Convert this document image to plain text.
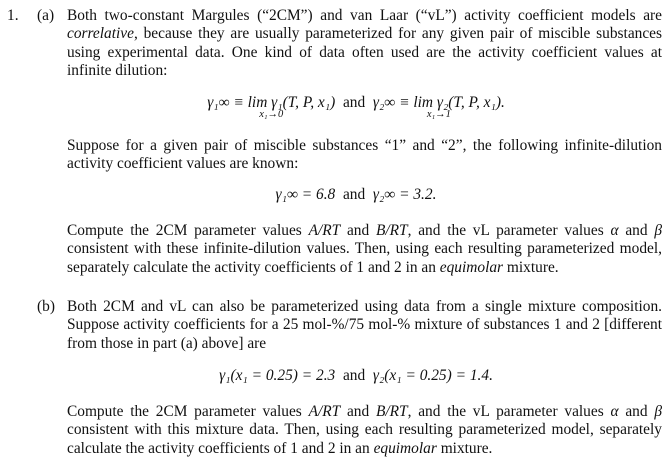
1. (a) Both two-constant Margules (“2CM”) and van Laar (“vL”) activity coefficient models are correlative, because they are usually parameterized for any given pair of miscible substances using experimental data. One kind of data often used are the activity coefficient values at infinite dilution:
γ₁∞ ≡ lim γ₁(T, P, x₁)
x₁→0
and γ₂∞ ≡ lim γ₂(T, P, x₁).
x₁→1
Suppose for a given pair of miscible substances “1” and “2”, the following infinite-dilution activity coefficient values are known:
γ₁∞ = 6.8 and γ₂∞ = 3.2.
Compute the 2CM parameter values A/RT and B/RT, and the vL parameter values α and β consistent with these infinite-dilution values. Then, using each resulting parameterized model, separately calculate the activity coefficients of 1 and 2 in an equimolar mixture.
(b) Both 2CM and vL can also be parameterized using data from a single mixture composition. Suppose activity coefficients for a 25 mol-%/75 mol-% mixture of substances 1 and 2 [different from those in part (a) above] are
γ₁(x₁ = 0.25) = 2.3 and γ₂(x₁ = 0.25) = 1.4.
Compute the 2CM parameter values A/RT and B/RT, and the vL parameter values α and β consistent with this mixture data. Then, using each resulting parameterized model, separately calculate the activity coefficients of 1 and 2 in an equimolar mixture.
